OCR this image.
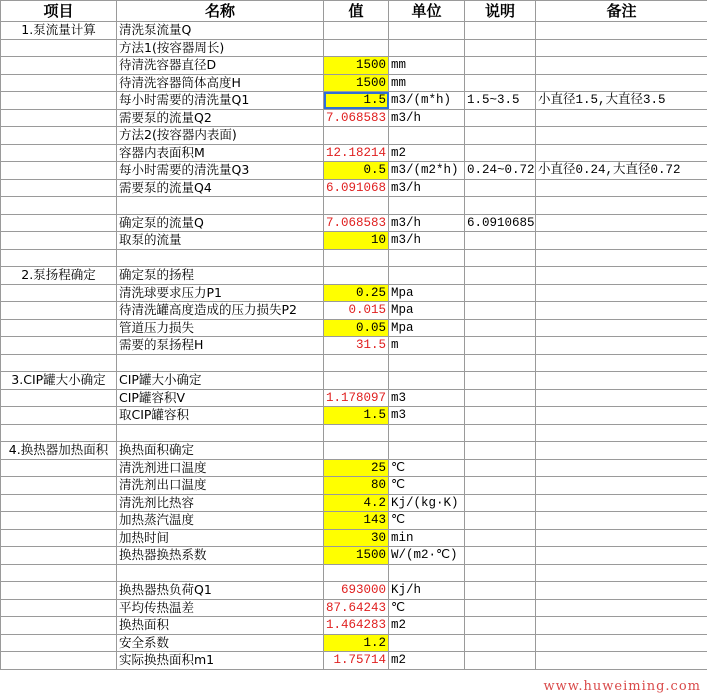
项目	名称	值	单位	说明	备注
1.泵流量计算	清洗泵流量Q				
	方法1(按容器周长)				
	待清洗容器直径D	1500	mm		
	待清洗容器筒体高度H	1500	mm		
	每小时需要的清洗量Q1	1.5	m3/(m*h)	1.5~3.5	小直径1.5,大直径3.5
	需要泵的流量Q2	7.068583	m3/h		
	方法2(按容器内表面)				
	容器内表面积M	12.18214	m2		
	每小时需要的清洗量Q3	0.5	m3/(m2*h)	0.24~0.72	小直径0.24,大直径0.72
	需要泵的流量Q4	6.091068	m3/h		

	确定泵的流量Q	7.068583	m3/h	6.0910685	
	取泵的流量	10	m3/h		

2.泵扬程确定	确定泵的扬程				
	清洗球要求压力P1	0.25	Mpa		
	待清洗罐高度造成的压力损失P2	0.015	Mpa		
	管道压力损失	0.05	Mpa		
	需要的泵扬程H	31.5	m		

3.CIP罐大小确定	CIP罐大小确定				
	CIP罐容积V	1.178097	m3		
	取CIP罐容积	1.5	m3		

4.换热器加热面积	换热面积确定				
	清洗剂进口温度	25	℃		
	清洗剂出口温度	80	℃		
	清洗剂比热容	4.2	Kj/(kg·K)		
	加热蒸汽温度	143	℃		
	加热时间	30	min		
	换热器换热系数	1500	W/(m2·℃)		

	换热器热负荷Q1	693000	Kj/h		
	平均传热温差	87.64243	℃		
	换热面积	1.464283	m2		
	安全系数	1.2			
	实际换热面积m1	1.75714	m2		
www.huweiming.com
